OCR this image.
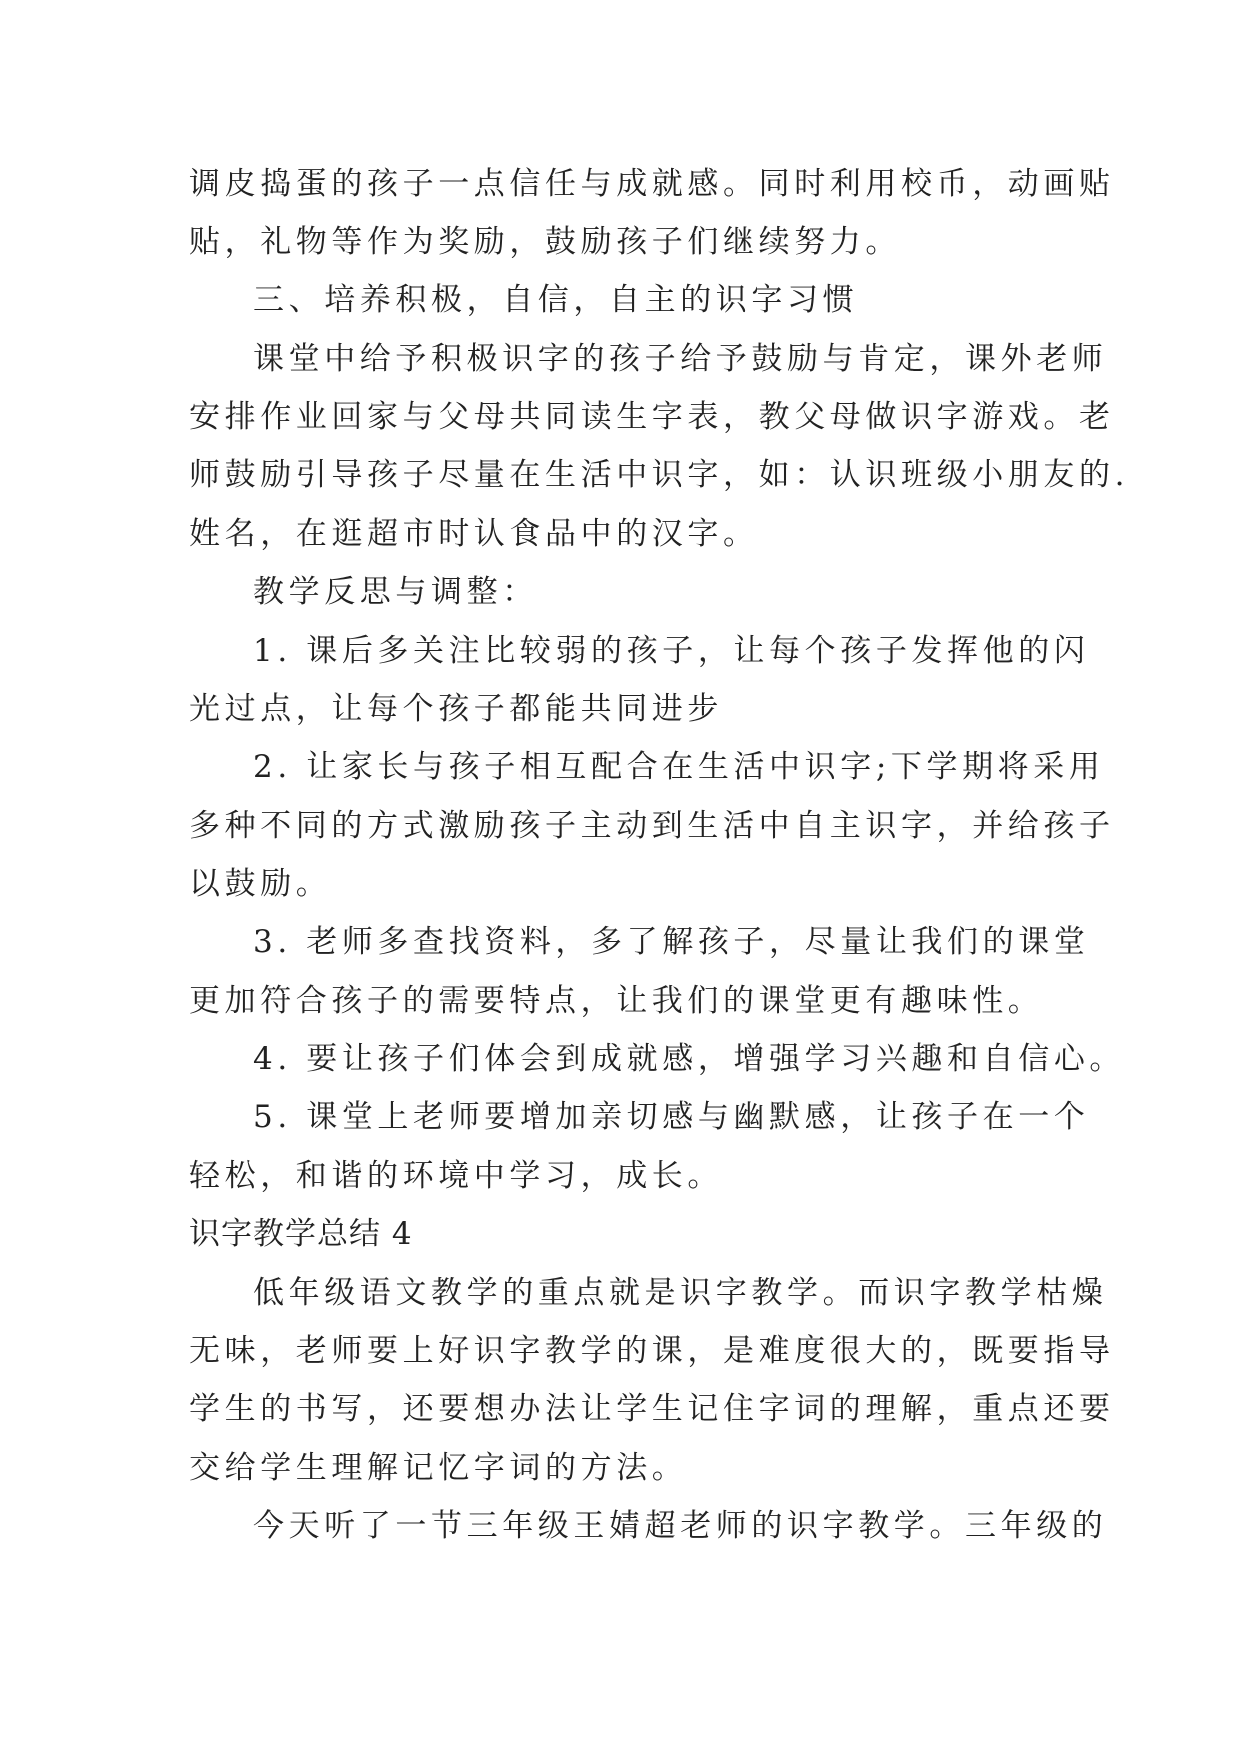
调皮捣蛋的孩子一点信任与成就感。同时利用校币，动画贴
贴，礼物等作为奖励，鼓励孩子们继续努力。
三、培养积极，自信，自主的识字习惯
课堂中给予积极识字的孩子给予鼓励与肯定，课外老师
安排作业回家与父母共同读生字表，教父母做识字游戏。老
师鼓励引导孩子尽量在生活中识字，如：认识班级小朋友的.
姓名，在逛超市时认食品中的汉字。
教学反思与调整：
1. 课后多关注比较弱的孩子，让每个孩子发挥他的闪
光过点，让每个孩子都能共同进步
2. 让家长与孩子相互配合在生活中识字;下学期将采用
多种不同的方式激励孩子主动到生活中自主识字，并给孩子
以鼓励。
3. 老师多查找资料，多了解孩子，尽量让我们的课堂
更加符合孩子的需要特点，让我们的课堂更有趣味性。
4. 要让孩子们体会到成就感，增强学习兴趣和自信心。
5. 课堂上老师要增加亲切感与幽默感，让孩子在一个
轻松，和谐的环境中学习，成长。
识字教学总结 4
低年级语文教学的重点就是识字教学。而识字教学枯燥
无味，老师要上好识字教学的课，是难度很大的，既要指导
学生的书写，还要想办法让学生记住字词的理解，重点还要
交给学生理解记忆字词的方法。
今天听了一节三年级王婧超老师的识字教学。三年级的
